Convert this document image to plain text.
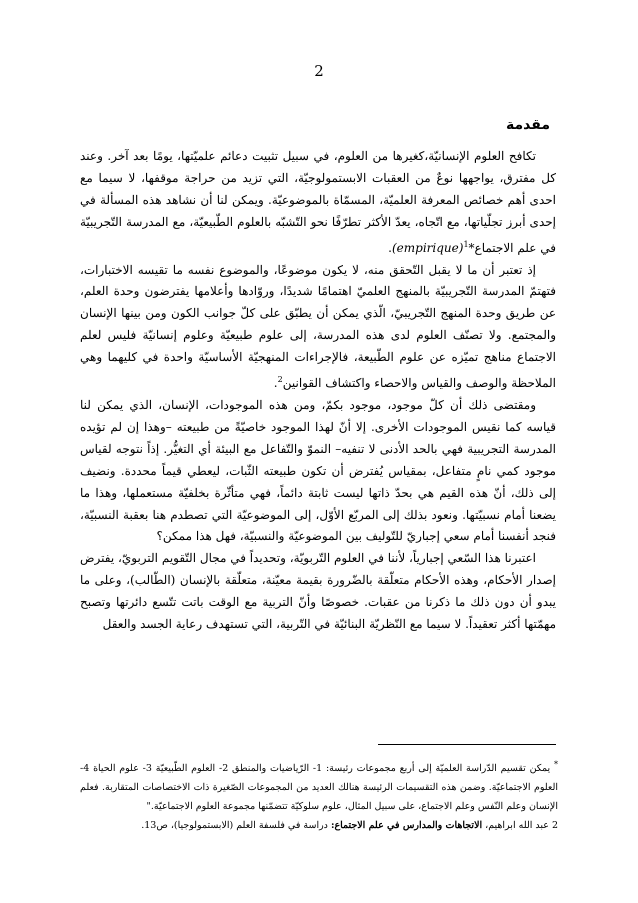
2
مقدمة

تكافح العلوم الإنسانيّة،كغيرها من العلوم، في سبيل تثبيت دعائم علميّتها، يومًا بعد آخر. وعند كل مفترق، يواجهها نوعٌ من العقبات الابستمولوجيّة، التي تزيد من حراجة موقفها، لا سيما مع احدى أهم خصائص المعرفة العلميّة، المسمّاة بالموضوعيّة. ويمكن لنا أن نشاهد هذه المسألة في إحدى أبرز تجلّياتها، مع اتّجاه، يعدّ الأكثر تطرّفًا نحو التّشبّه بالعلوم الطّبيعيّة، مع المدرسة التّجريبيّة في علم الاجتماع*$^1$(empirique).

إذ تعتبر أن ما لا يقبل التّحقق منه، لا يكون موضوعًا، والموضوع نفسه ما تقيسه الاختبارات، فتهتمّ المدرسة التّجريبيّة بالمنهج العلميّ اهتمامًا شديدًا، وروّادها وأعلامها يفترضون وحدة العلم، عن طريق وحدة المنهج التّجريبيّ، الّذي يمكن أن يطبّق على كلّ جوانب الكون ومن بينها الإنسان والمجتمع. ولا تصنّف العلوم لدى هذه المدرسة، إلى علوم طبيعيّة وعلوم إنسانيّة فليس لعلم الاجتماع مناهج تميّزه عن علوم الطّبيعة، فالإجراءات المنهجيّة الأساسيّة واحدة في كليهما وهي الملاحظة والوصف والقياس والاحصاء واكتشاف القوانين$^2$.

ومقتضى ذلك أن كلّ موجود، موجود بكمّ، ومن هذه الموجودات، الإنسان، الذي يمكن لنا قياسه كما نقيس الموجودات الأخرى. إلا أنّ لهذا الموجود خاصيّةً من طبيعته –وهذا إن لم تؤيده المدرسة التجريبية فهي بالحد الأدنى لا تنفيه– النموّ والتّفاعل مع البيئة أي التغيُّر. إذاً نتوجه لقياس موجود كمي نامٍ متفاعل، بمقياس يُفترض أن تكون طبيعته الثّبات، ليعطي قيماً محددة. ونضيف إلى ذلك، أنّ هذه القيم هي بحدّ ذاتها ليست ثابتة دائماً، فهي متأثّرة بخلفيّة مستعملها، وهذا ما يضعنا أمام نسبيّتها. ونعود بذلك إلى المربّع الأوّل، إلى الموضوعيّة التي تصطدم هنا بعقبة النسبيّة، فنجد أنفسنا أمام سعي إجباريّ للتّوليف بين الموضوعيّة والنسبيّة، فهل هذا ممكن؟

اعتبرنا هذا السّعي إجبارياً، لأننا في العلوم التّربويّة، وتحديداً في مجال التّقويم التربويّ، يفترض إصدار الأحكام، وهذه الأحكام متعلّقة بالضّرورة بقيمة معيّنة، متعلّقة بالإنسان (الطّالب)، وعلى ما يبدو أن دون ذلك ما ذكرنا من عقبات. خصوصًا وأنّ التربية مع الوقت باتت تتّسع دائرتها وتصبح مهمّتها أكثر تعقيداً. لا سيما مع النّظريّة البنائيّة في التّربية، التي تستهدف رعاية الجسد والعقل

* يمكن تقسيم الدّراسة العلميّة إلى أربع مجموعات رئيسة: 1- الرّياضيات والمنطق 2- العلوم الطّبيعيّة 3- علوم الحياة 4- العلوم الاجتماعيّة. وضمن هذه التقسيمات الرئيسة هنالك العديد من المجموعات الصّغيرة ذات الاختصاصات المتقاربة. فعلم الإنسان وعلم النّفس وعلم الاجتماع، على سبيل المثال، علوم سلوكيّة تتضمّنها مجموعة العلوم الاجتماعيّة."

2 عبد الله ابراهيم، الاتجاهات والمدارس في علم الاجتماع: دراسة في فلسفة العلم (الابستمولوجيا)، ص13.
